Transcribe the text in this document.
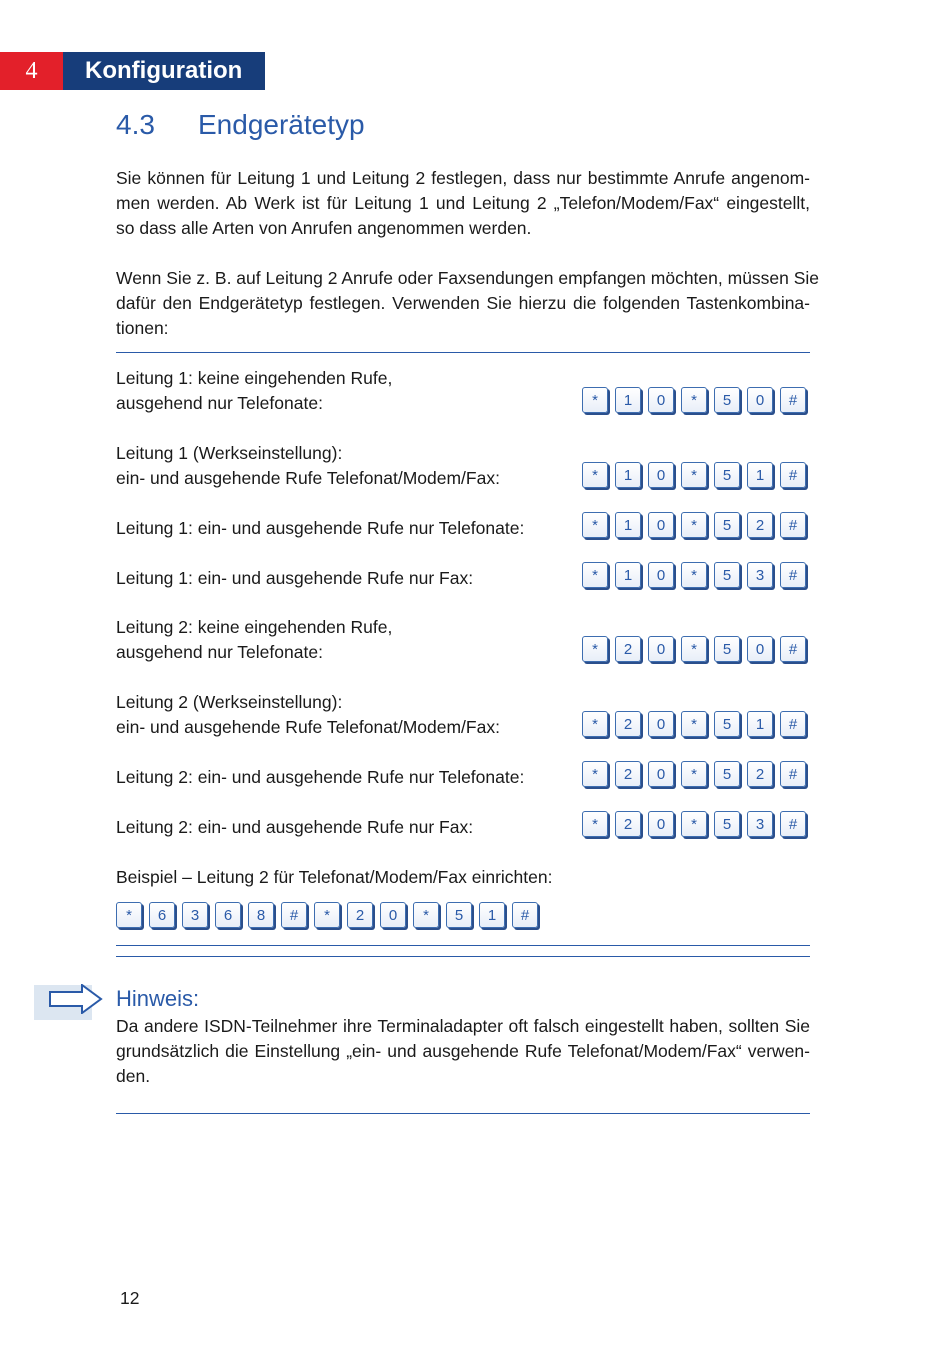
4	Konfiguration
4.3	Endgerätetyp
Sie können für Leitung 1 und Leitung 2 festlegen, dass nur bestimmte Anrufe angenom-
men werden. Ab Werk ist für Leitung 1 und Leitung 2 „Telefon/Modem/Fax“ eingestellt,
so dass alle Arten von Anrufen angenommen werden.
Wenn Sie z. B. auf Leitung 2 Anrufe oder Faxsendungen empfangen möchten, müssen Sie
dafür den Endgerätetyp festlegen. Verwenden Sie hierzu die folgenden Tastenkombina-
tionen:
Leitung 1: keine eingehenden Rufe,
ausgehend nur Telefonate:	*	1	0	*	5	0	#
Leitung 1 (Werkseinstellung):
ein- und ausgehende Rufe Telefonat/Modem/Fax:	*	1	0	*	5	1	#
Leitung 1: ein- und ausgehende Rufe nur Telefonate:	*	1	0	*	5	2	#
Leitung 1: ein- und ausgehende Rufe nur Fax:	*	1	0	*	5	3	#
Leitung 2: keine eingehenden Rufe,
ausgehend nur Telefonate:	*	2	0	*	5	0	#
Leitung 2 (Werkseinstellung):
ein- und ausgehende Rufe Telefonat/Modem/Fax:	*	2	0	*	5	1	#
Leitung 2: ein- und ausgehende Rufe nur Telefonate:	*	2	0	*	5	2	#
Leitung 2: ein- und ausgehende Rufe nur Fax:	*	2	0	*	5	3	#
Beispiel – Leitung 2 für Telefonat/Modem/Fax einrichten:
*	6	3	6	8	#	*	2	0	*	5	1	#
Hinweis:
Da andere ISDN-Teilnehmer ihre Terminaladapter oft falsch eingestellt haben, sollten Sie
grundsätzlich die Einstellung „ein- und ausgehende Rufe Telefonat/Modem/Fax“ verwen-
den.
12
